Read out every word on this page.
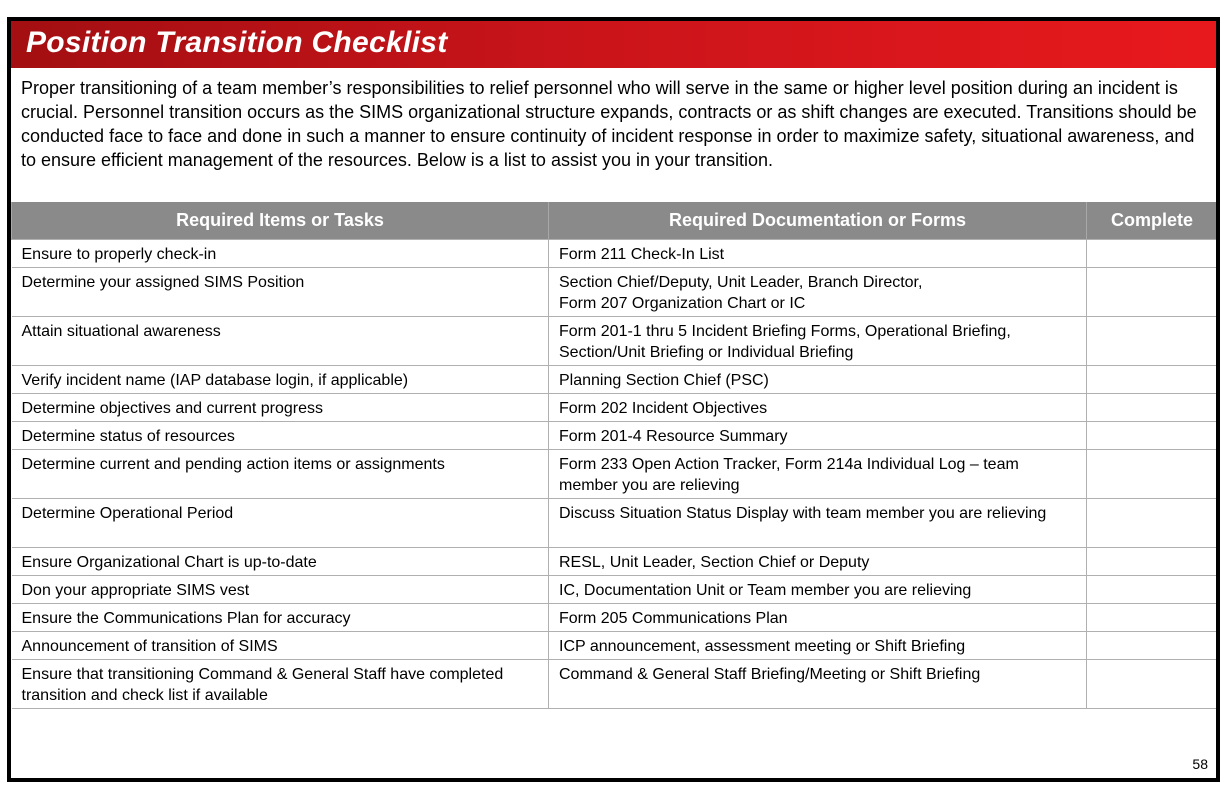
Position Transition Checklist

Proper transitioning of a team member’s responsibilities to relief personnel who will serve in the same or higher level position during an incident is crucial. Personnel transition occurs as the SIMS organizational structure expands, contracts or as shift changes are executed. Transitions should be conducted face to face and done in such a manner to ensure continuity of incident response in order to maximize safety, situational awareness, and to ensure efficient management of the resources. Below is a list to assist you in your transition.

Required Items or Tasks	Required Documentation or Forms	Complete
Ensure to properly check-in	Form 211 Check-In List	
Determine your assigned SIMS Position	Section Chief/Deputy, Unit Leader, Branch Director,
Form 207 Organization Chart or IC	
Attain situational awareness	Form 201-1 thru 5 Incident Briefing Forms, Operational Briefing, Section/Unit Briefing or Individual Briefing	
Verify incident name (IAP database login, if applicable)	Planning Section Chief (PSC)	
Determine objectives and current progress	Form 202 Incident Objectives	
Determine status of resources	Form 201-4 Resource Summary	
Determine current and pending action items or assignments	Form 233 Open Action Tracker, Form 214a Individual Log – team member you are relieving	
Determine Operational Period	Discuss Situation Status Display with team member you are relieving	
Ensure Organizational Chart is up-to-date	RESL, Unit Leader, Section Chief or Deputy	
Don your appropriate SIMS vest	IC, Documentation Unit or Team member you are relieving	
Ensure the Communications Plan for accuracy	Form 205 Communications Plan	
Announcement of transition of SIMS	ICP announcement, assessment meeting or Shift Briefing	
Ensure that transitioning Command & General Staff have completed transition and check list if available	Command & General Staff Briefing/Meeting or Shift Briefing	
58
